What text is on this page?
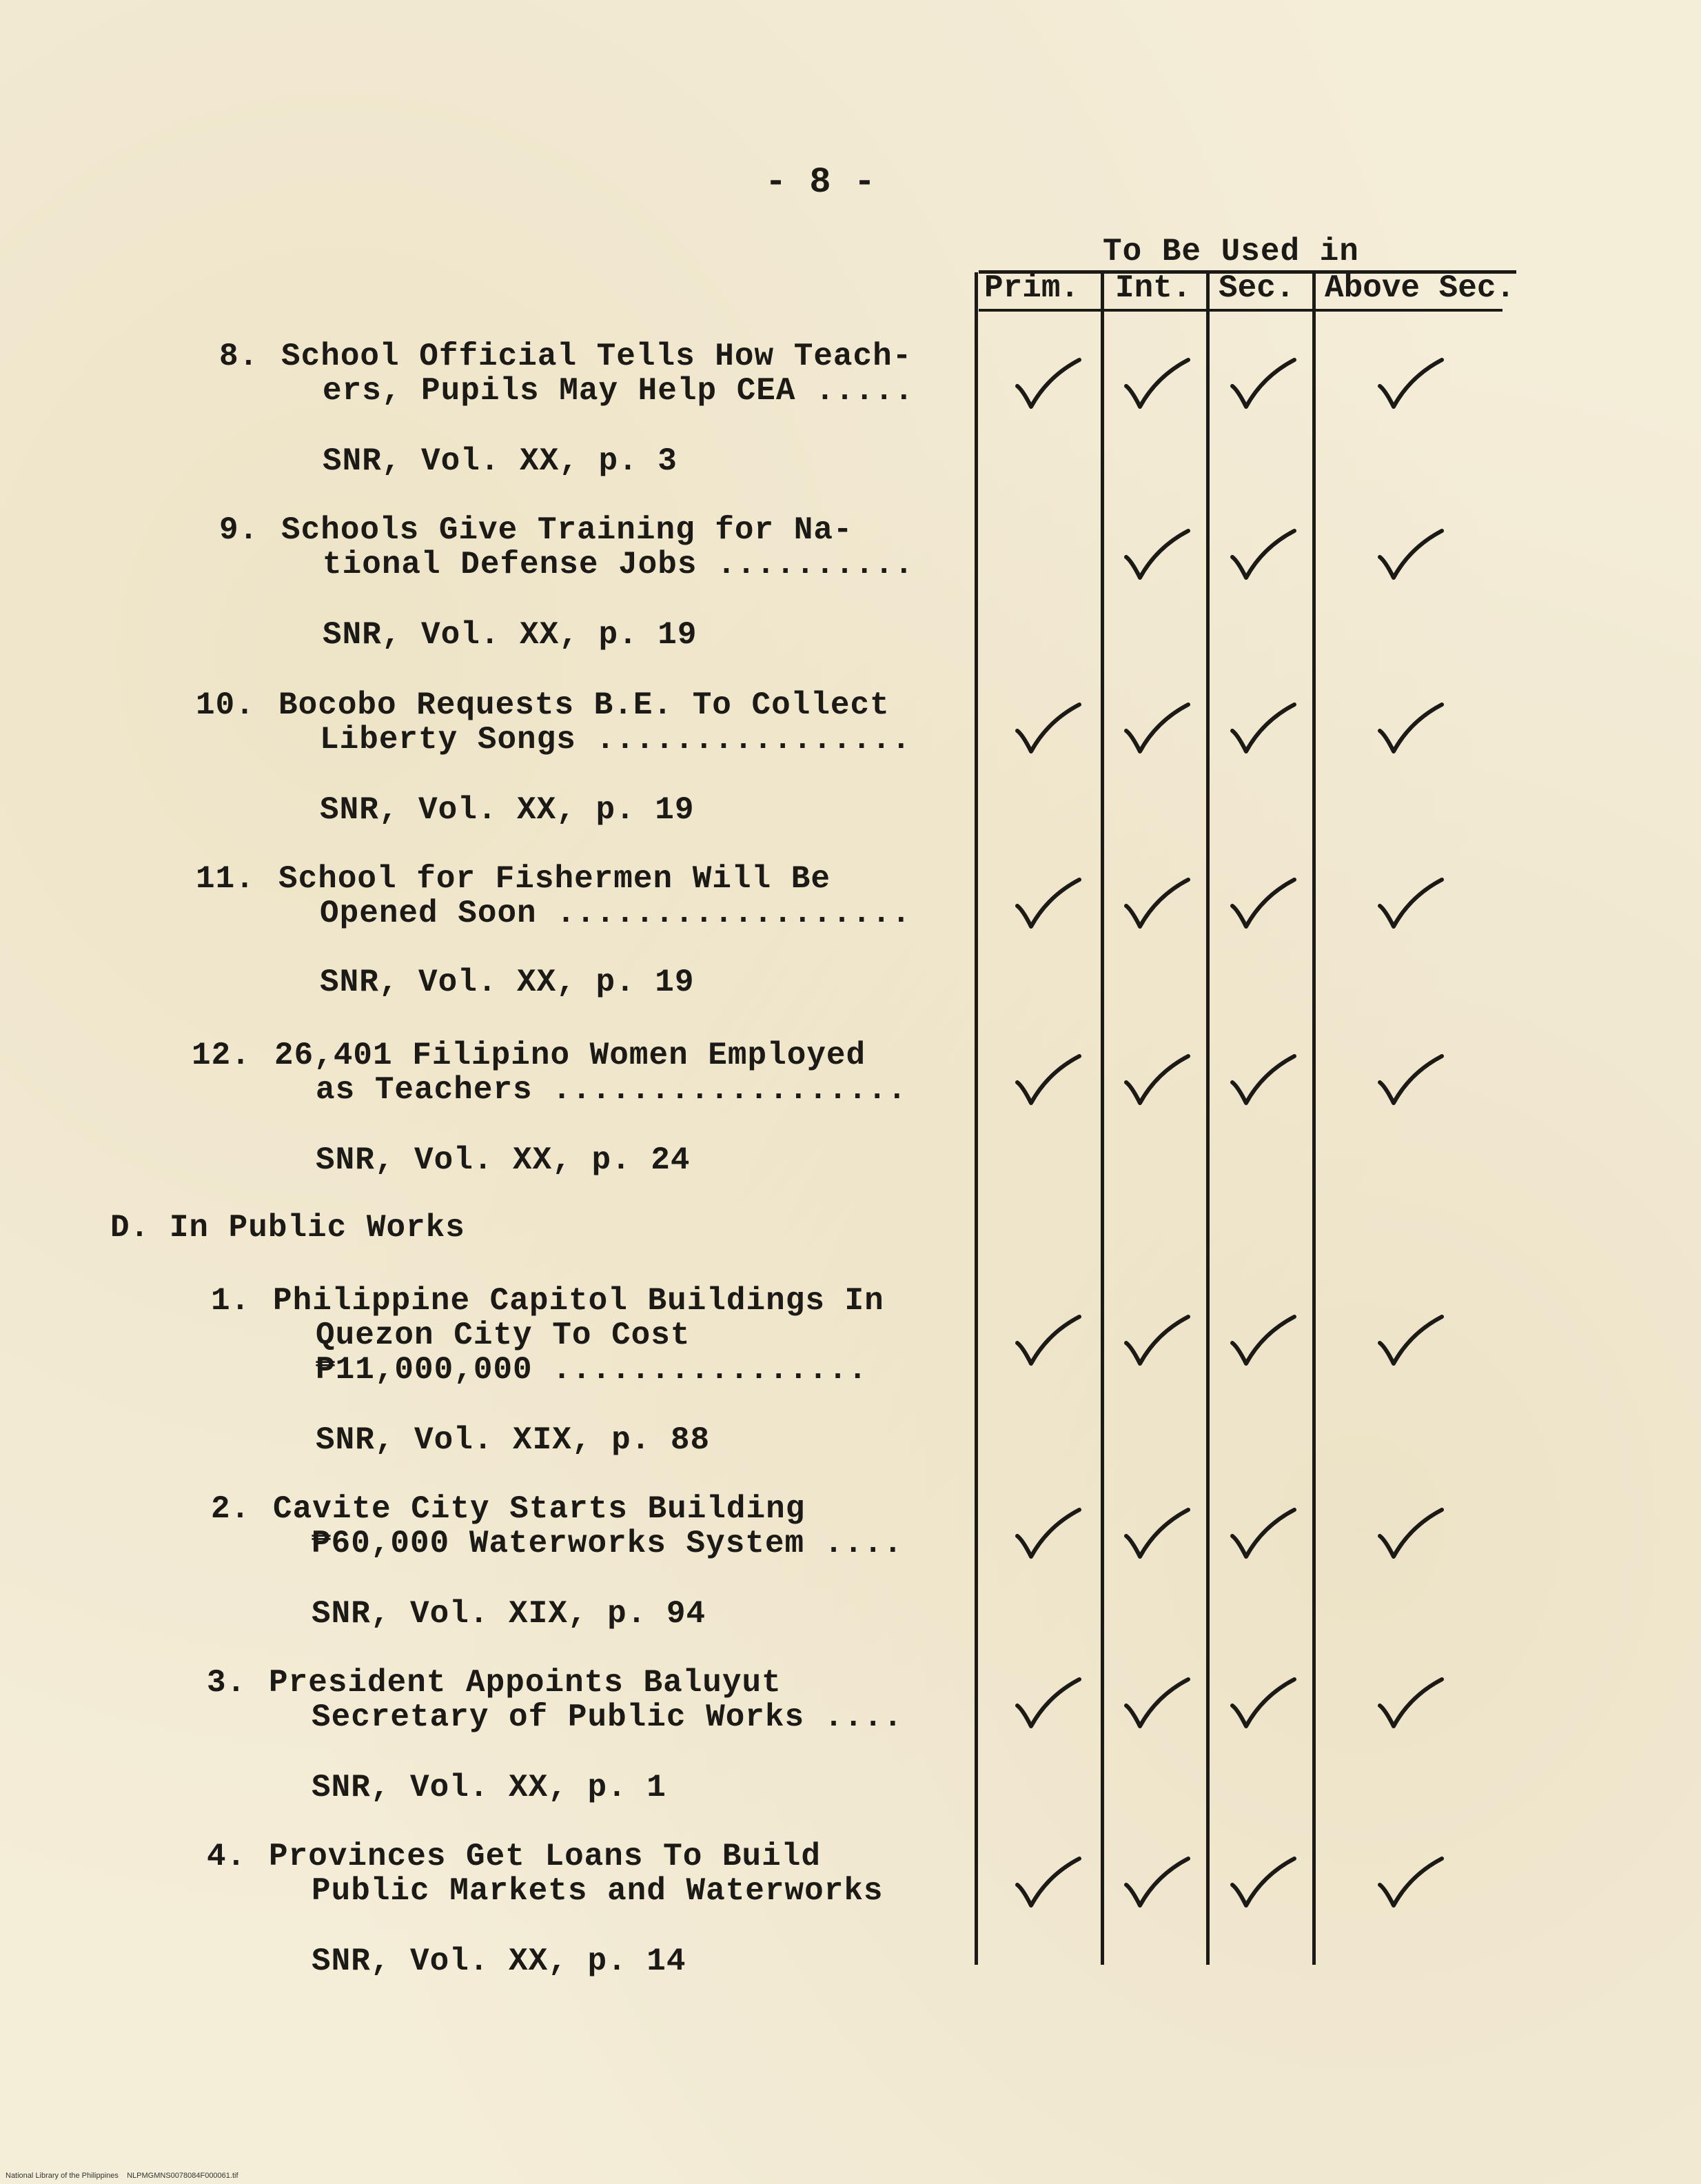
- 8 -
To Be Used in
Prim. Int. Sec. Above Sec.
8. School Official Tells How Teach-
ers, Pupils May Help CEA .....
SNR, Vol. XX, p. 3
9. Schools Give Training for Na-
tional Defense Jobs ..........
SNR, Vol. XX, p. 19
10. Bocobo Requests B.E. To Collect
Liberty Songs ................
SNR, Vol. XX, p. 19
11. School for Fishermen Will Be
Opened Soon ..................
SNR, Vol. XX, p. 19
12. 26,401 Filipino Women Employed
as Teachers ..................
SNR, Vol. XX, p. 24
D. In Public Works
1. Philippine Capitol Buildings In
Quezon City To Cost
₱11,000,000 ................
SNR, Vol. XIX, p. 88
2. Cavite City Starts Building
₱60,000 Waterworks System ....
SNR, Vol. XIX, p. 94
3. President Appoints Baluyut
Secretary of Public Works ....
SNR, Vol. XX, p. 1
4. Provinces Get Loans To Build
Public Markets and Waterworks
SNR, Vol. XX, p. 14
National Library of the Philippines    NLPMGMNS0078084F000061.tif
